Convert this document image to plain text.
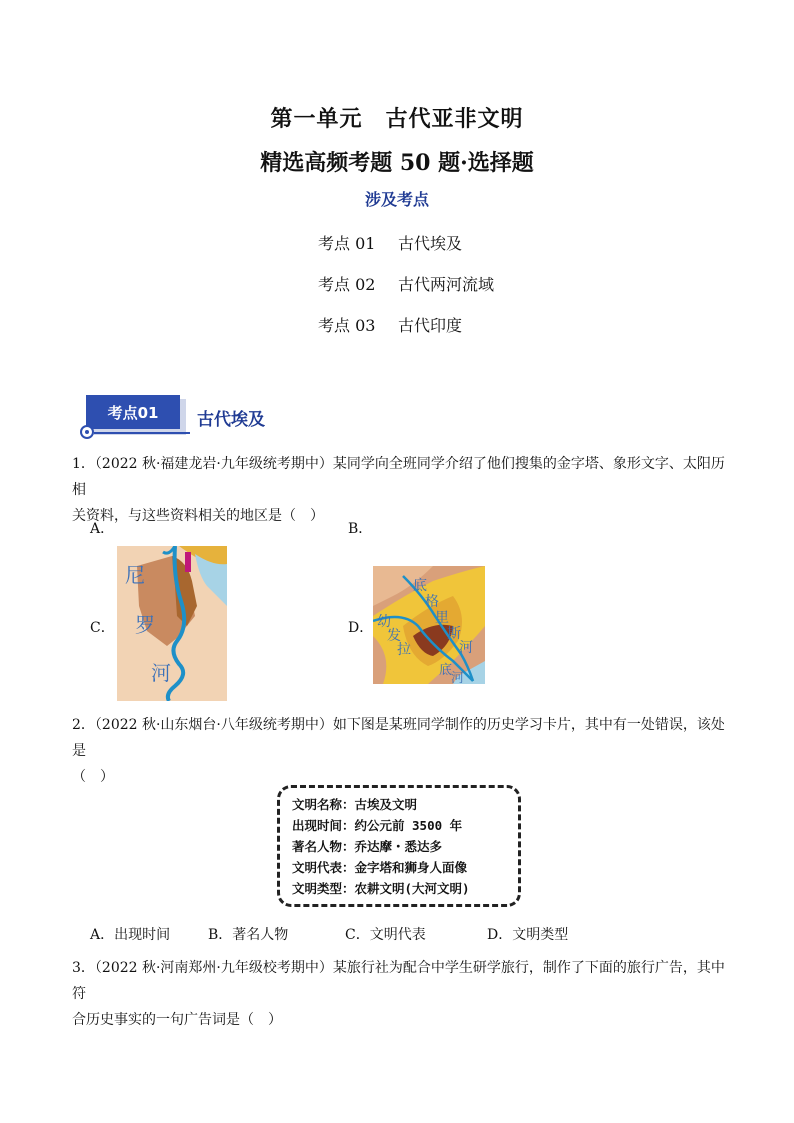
第一单元　古代亚非文明
精选高频考题 50 题·选择题
涉及考点
考点 01 古代埃及
考点 02 古代两河流域
考点 03 古代印度
考点01	古代埃及
1．（2022 秋·福建龙岩·九年级统考期中）某同学向全班同学介绍了他们搜集的金字塔、象形文字、太阳历相
关资料，与这些资料相关的地区是（　）
A．	B．
C．	D．
尼
罗
河
幼
发
拉
底
格
里
斯
河
底
河
2．（2022 秋·山东烟台·八年级统考期中）如下图是某班同学制作的历史学习卡片，其中有一处错误，该处是
（　）
文明名称：古埃及文明
出现时间：约公元前 3500 年
著名人物：乔达摩・悉达多
文明代表：金字塔和狮身人面像
文明类型：农耕文明(大河文明)
A．出现时间	B．著名人物	C．文明代表	D．文明类型
3．（2022 秋·河南郑州·九年级校考期中）某旅行社为配合中学生研学旅行，制作了下面的旅行广告，其中符
合历史事实的一句广告词是（　）
